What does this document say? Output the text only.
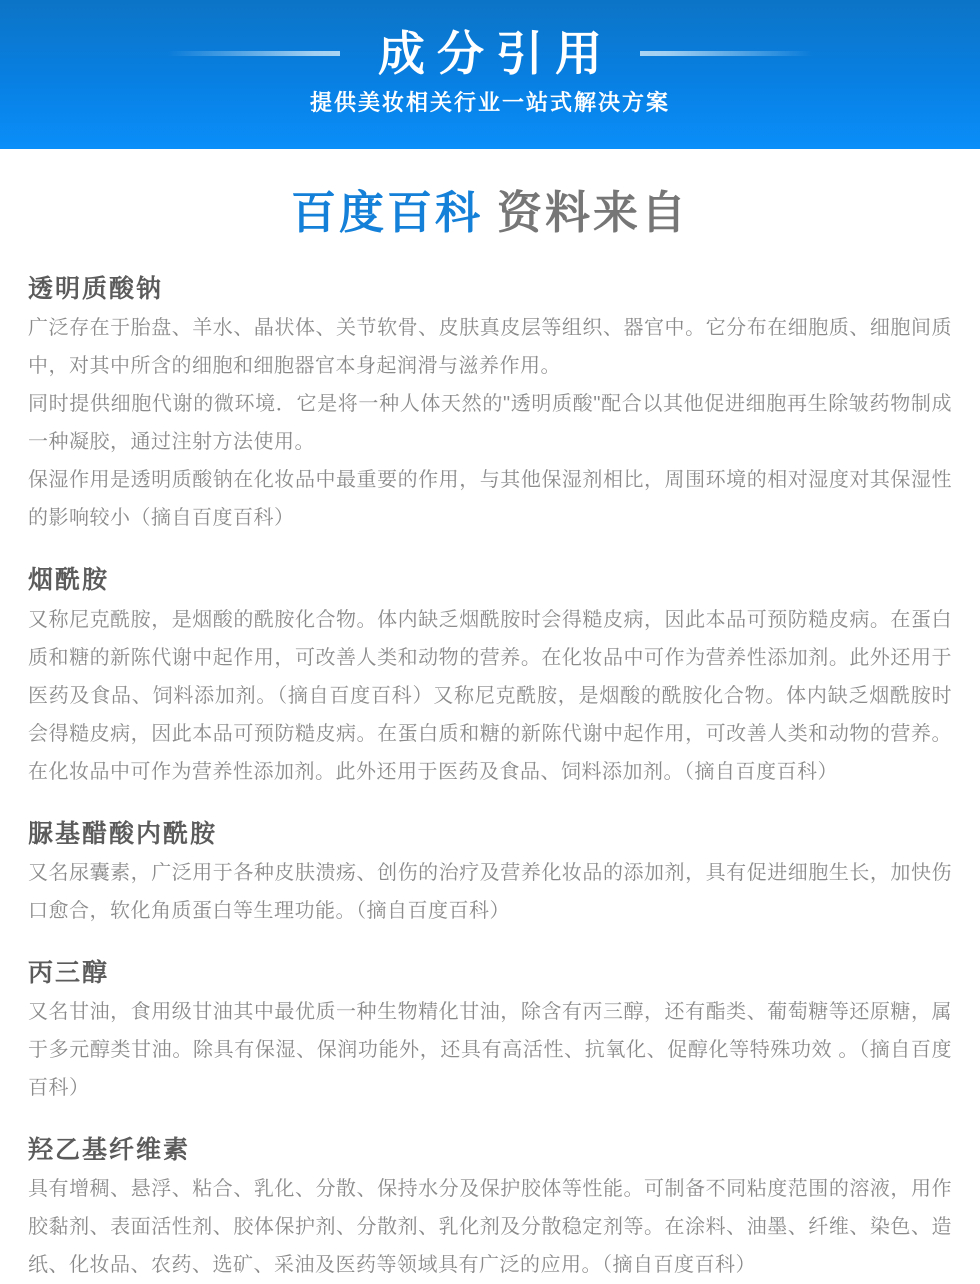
成分引用
提供美妆相关行业一站式解决方案
百度百科 资料来自
透明质酸钠
广泛存在于胎盘、羊水、晶状体、关节软骨、皮肤真皮层等组织、器官中。它分布在细胞质、细胞间质中，对其中所含的细胞和细胞器官本身起润滑与滋养作用。
同时提供细胞代谢的微环境．它是将一种人体天然的"透明质酸"配合以其他促进细胞再生除皱药物制成一种凝胶，通过注射方法使用。
保湿作用是透明质酸钠在化妆品中最重要的作用，与其他保湿剂相比，周围环境的相对湿度对其保湿性的影响较小（摘自百度百科）
烟酰胺
又称尼克酰胺，是烟酸的酰胺化合物。体内缺乏烟酰胺时会得糙皮病，因此本品可预防糙皮病。在蛋白质和糖的新陈代谢中起作用，可改善人类和动物的营养。在化妆品中可作为营养性添加剂。此外还用于医药及食品、饲料添加剂。（摘自百度百科）又称尼克酰胺，是烟酸的酰胺化合物。体内缺乏烟酰胺时会得糙皮病，因此本品可预防糙皮病。在蛋白质和糖的新陈代谢中起作用，可改善人类和动物的营养。在化妆品中可作为营养性添加剂。此外还用于医药及食品、饲料添加剂。（摘自百度百科）
脲基醋酸内酰胺
又名尿囊素，广泛用于各种皮肤溃疡、创伤的治疗及营养化妆品的添加剂，具有促进细胞生长，加快伤口愈合，软化角质蛋白等生理功能。（摘自百度百科）
丙三醇
又名甘油，食用级甘油其中最优质一种生物精化甘油，除含有丙三醇，还有酯类、葡萄糖等还原糖，属于多元醇类甘油。除具有保湿、保润功能外，还具有高活性、抗氧化、促醇化等特殊功效 。（摘自百度百科）
羟乙基纤维素
具有增稠、悬浮、粘合、乳化、分散、保持水分及保护胶体等性能。可制备不同粘度范围的溶液，用作胶黏剂、表面活性剂、胶体保护剂、分散剂、乳化剂及分散稳定剂等。在涂料、油墨、纤维、染色、造纸、化妆品、农药、选矿、采油及医药等领域具有广泛的应用。（摘自百度百科）
